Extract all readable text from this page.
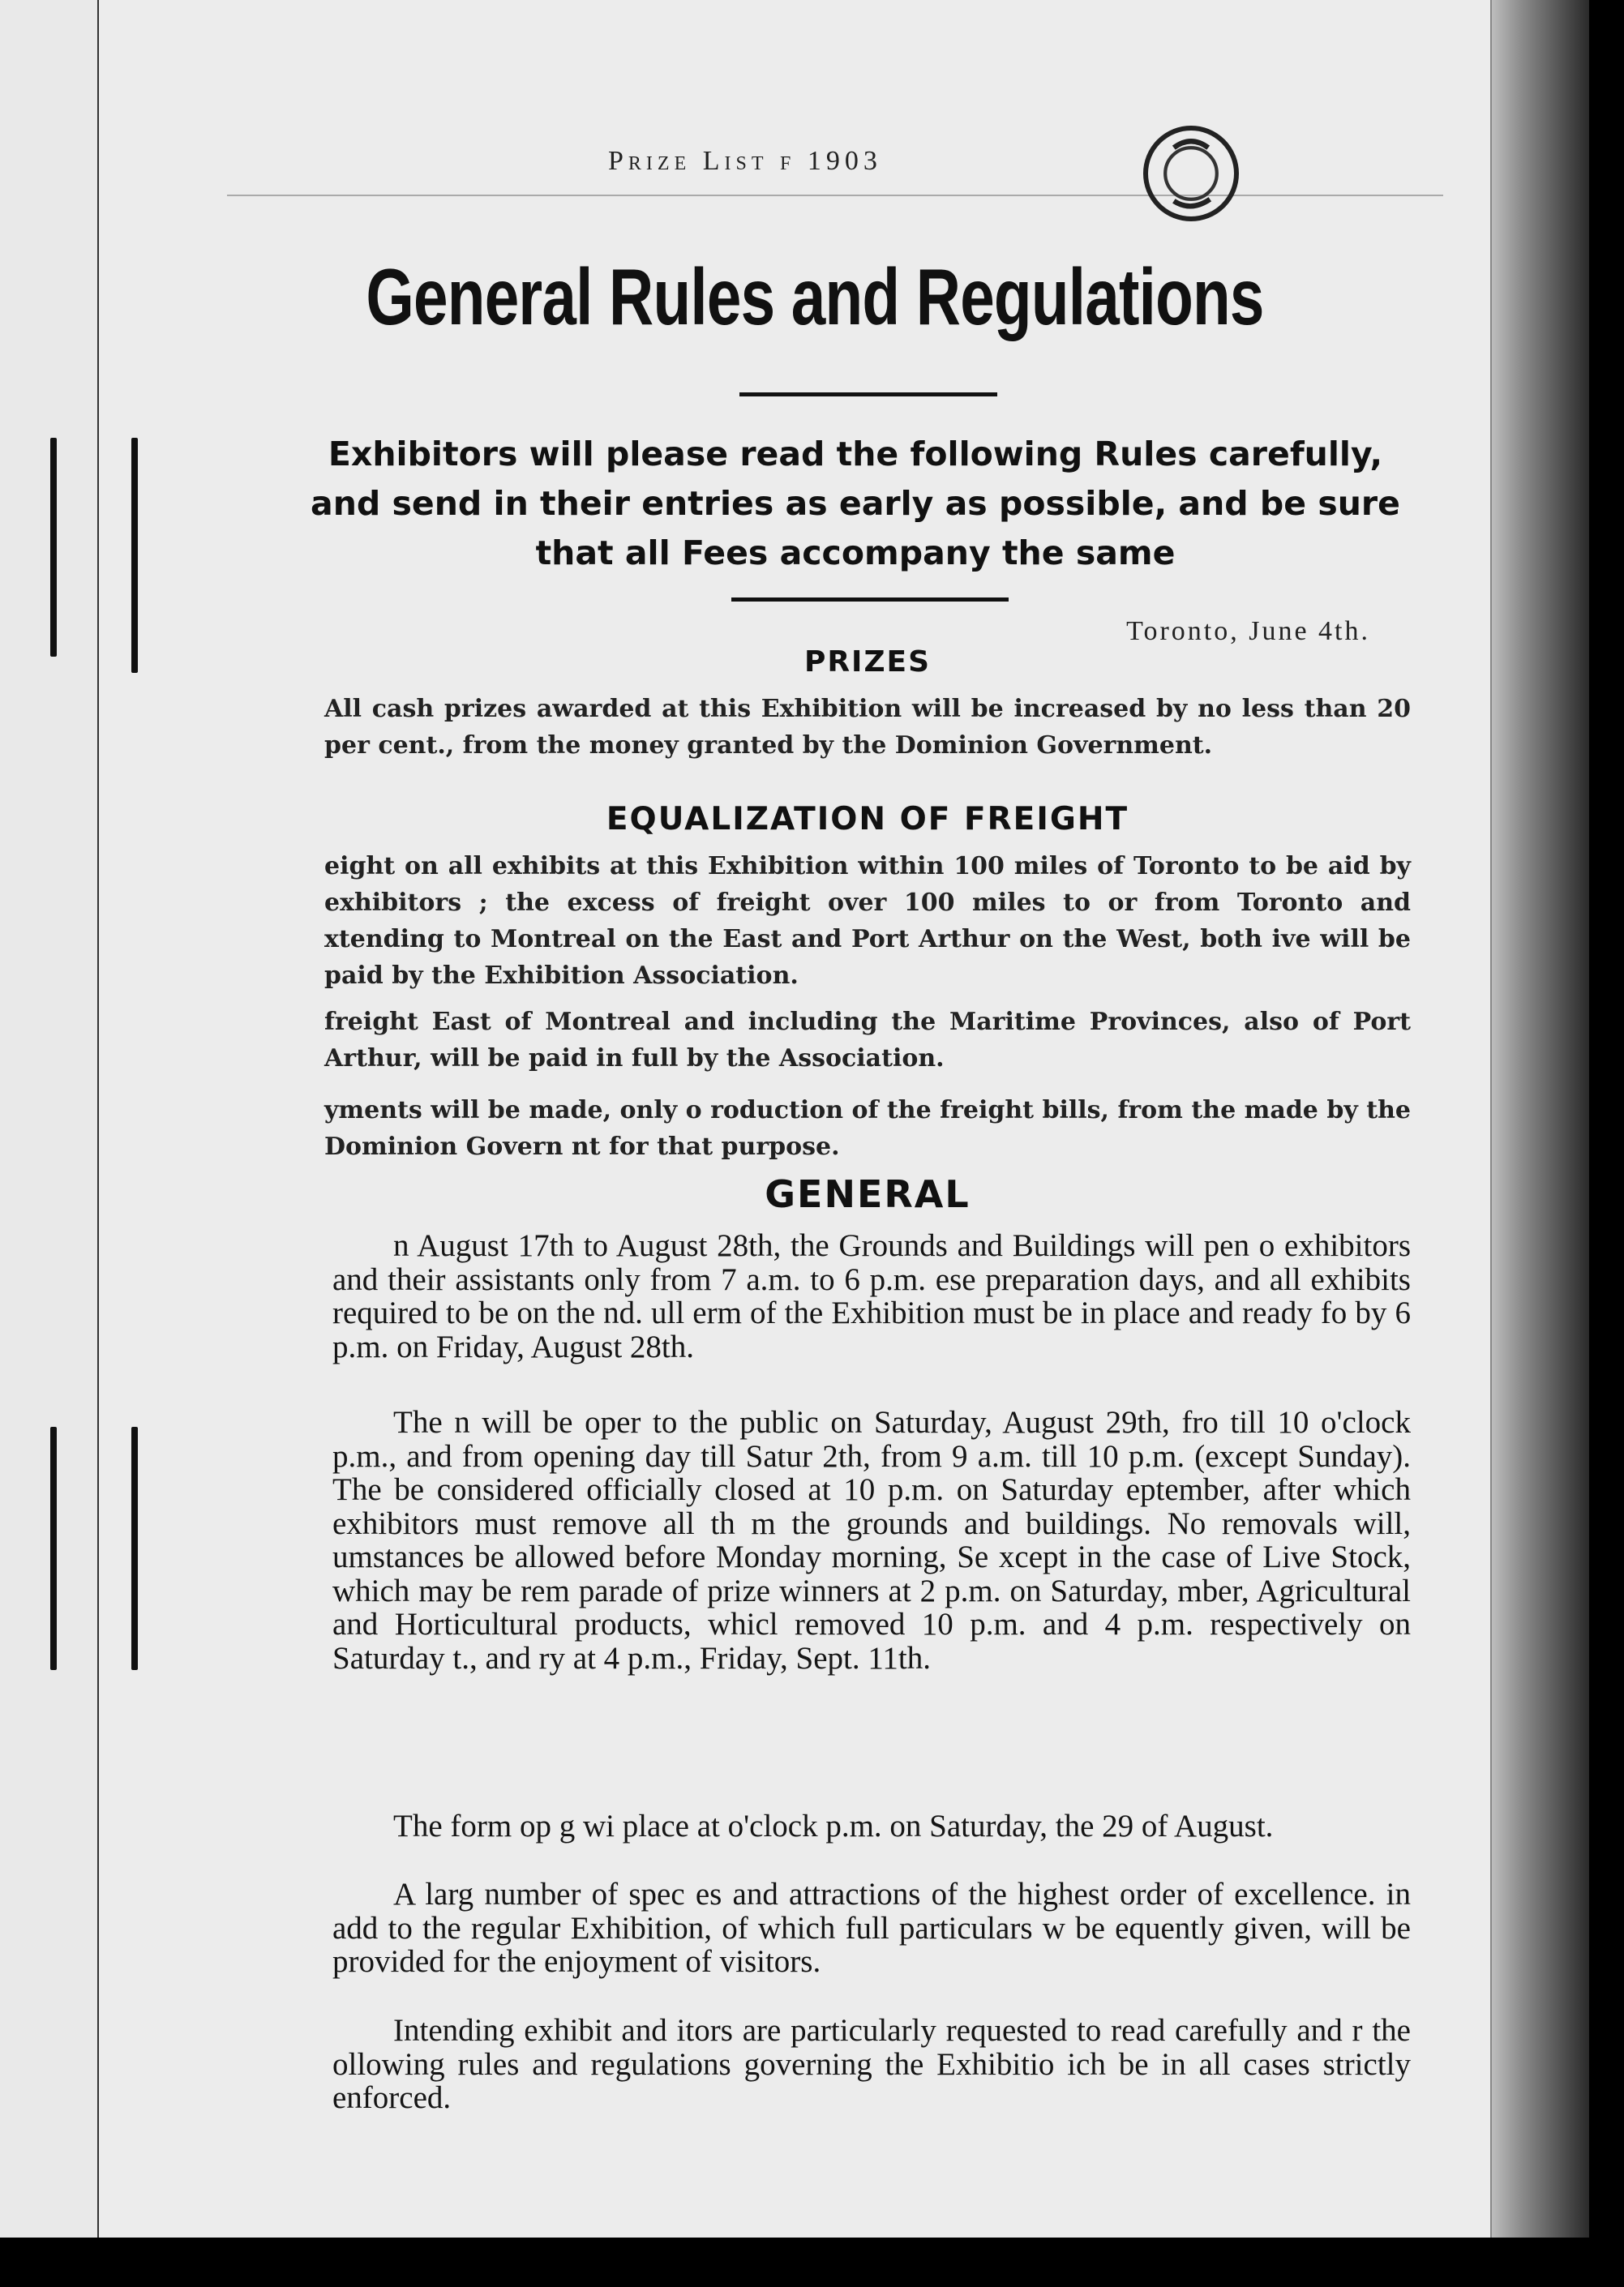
Prize List f 1903
General Rules and Regulations
Exhibitors will please read the following Rules carefully, and send in their entries as early as possible, and be sure that all Fees accompany the same
Toronto, June 4th.
PRIZES
All cash prizes awarded at this Exhibition will be increased by no less than 20 per cent., from the money granted by the Dominion Government.
EQUALIZATION OF FREIGHT
eight on all exhibits at this Exhibition within 100 miles of Toronto to be aid by exhibitors ; the excess of freight over 100 miles to or from Toronto and xtending to Montreal on the East and Port Arthur on the West, both ive will be paid by the Exhibition Association.
freight East of Montreal and including the Maritime Provinces, also of Port Arthur, will be paid in full by the Association.
yments will be made, only o roduction of the freight bills, from the made by the Dominion Govern nt for that purpose.
GENERAL
n August 17th to August 28th, the Grounds and Buildings will pen o exhibitors and their assistants only from 7 a.m. to 6 p.m. ese preparation days, and all exhibits required to be on the nd. ull erm of the Exhibition must be in place and ready fo by 6 p.m. on Friday, August 28th.
The n will be oper to the public on Saturday, August 29th, fro till 10 o'clock p.m., and from opening day till Satur 2th, from 9 a.m. till 10 p.m. (except Sunday). The be considered officially closed at 10 p.m. on Saturday eptember, after which exhibitors must remove all th m the grounds and buildings. No removals will, umstances be allowed before Monday morning, Se xcept in the case of Live Stock, which may be rem parade of prize winners at 2 p.m. on Saturday, mber, Agricultural and Horticultural products, whicl removed 10 p.m. and 4 p.m. respectively on Saturday t., and ry at 4 p.m., Friday, Sept. 11th.
The form op g wi place at o'clock p.m. on Saturday, the 29 of August.
A larg number of spec es and attractions of the highest order of excellence. in add to the regular Exhibition, of which full particulars w be equently given, will be provided for the enjoyment of visitors.
Intending exhibit and itors are particularly requested to read carefully and r the ollowing rules and regulations governing the Exhibitio ich be in all cases strictly enforced.
